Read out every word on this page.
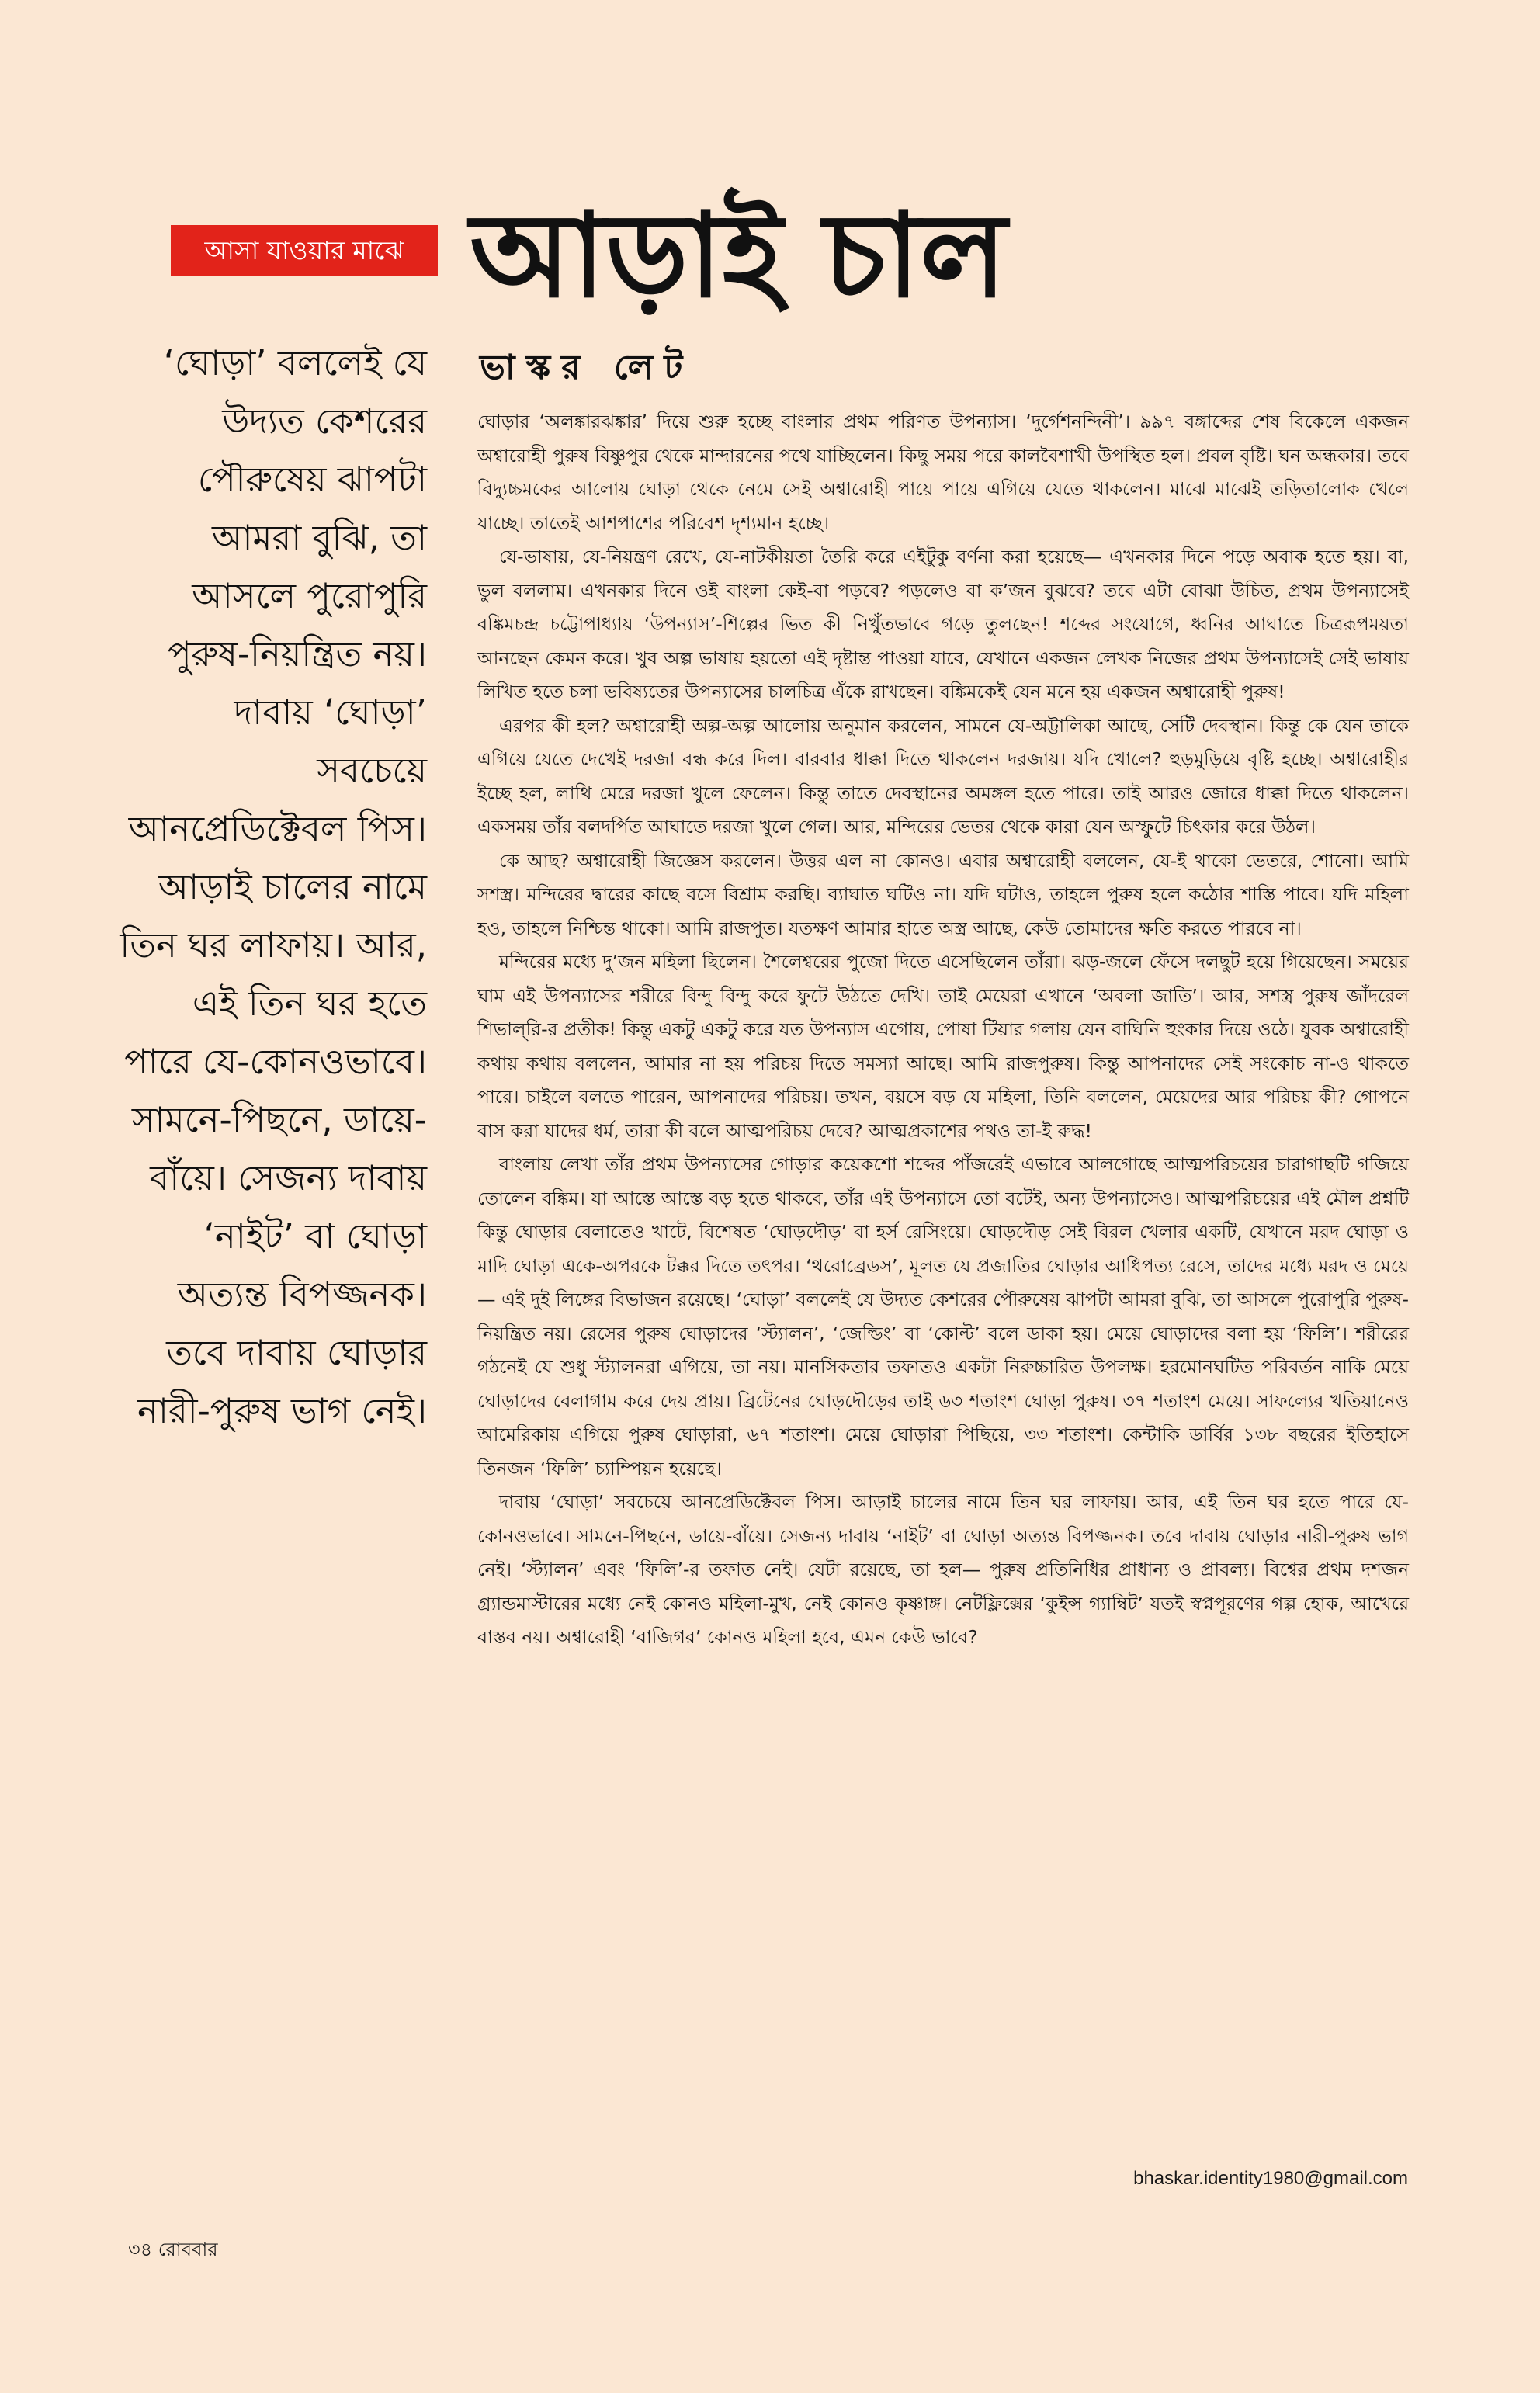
আসা যাওয়ার মাঝে আড়াই চাল
‘ঘোড়া’ বললেই যে উদ্যত কেশরের পৌরুষেয় ঝাপটা আমরা বুঝি, তা আসলে পুরোপুরি পুরুষ-নিয়ন্ত্রিত নয়। দাবায় ‘ঘোড়া’ সবচেয়ে আনপ্রেডিক্টেবল পিস। আড়াই চালের নামে তিন ঘর লাফায়। আর, এই তিন ঘর হতে পারে যে-কোনওভাবে। সামনে-পিছনে, ডায়ে-বাঁয়ে। সেজন্য দাবায় ‘নাইট’ বা ঘোড়া অত্যন্ত বিপজ্জনক। তবে দাবায় ঘোড়ার নারী-পুরুষ ভাগ নেই।
ভাস্কর লেট

ঘোড়ার ‘অলঙ্কারঝঙ্কার’ দিয়ে শুরু হচ্ছে বাংলার প্রথম পরিণত উপন্যাস। ‘দুর্গেশনন্দিনী’। ৯৯৭ বঙ্গাব্দের শেষ বিকেলে একজন অশ্বারোহী পুরুষ বিষ্ণুপুর থেকে মান্দারনের পথে যাচ্ছিলেন। কিছু সময় পরে কালবৈশাখী উপস্থিত হল। প্রবল বৃষ্টি। ঘন অন্ধকার। তবে বিদ্যুচ্চমকের আলোয় ঘোড়া থেকে নেমে সেই অশ্বারোহী পায়ে পায়ে এগিয়ে যেতে থাকলেন। মাঝে মাঝেই তড়িতালোক খেলে যাচ্ছে। তাতেই আশপাশের পরিবেশ দৃশ্যমান হচ্ছে।

যে-ভাষায়, যে-নিয়ন্ত্রণ রেখে, যে-নাটকীয়তা তৈরি করে এইটুকু বর্ণনা করা হয়েছে— এখনকার দিনে পড়ে অবাক হতে হয়। বা, ভুল বললাম। এখনকার দিনে ওই বাংলা কেই-বা পড়বে? পড়লেও বা ক’জন বুঝবে? তবে এটা বোঝা উচিত, প্রথম উপন্যাসেই বঙ্কিমচন্দ্র চট্টোপাধ্যায় ‘উপন্যাস’-শিল্পের ভিত কী নিখুঁতভাবে গড়ে তুলছেন! শব্দের সংযোগে, ধ্বনির আঘাতে চিত্ররূপময়তা আনছেন কেমন করে। খুব অল্প ভাষায় হয়তো এই দৃষ্টান্ত পাওয়া যাবে, যেখানে একজন লেখক নিজের প্রথম উপন্যাসেই সেই ভাষায় লিখিত হতে চলা ভবিষ্যতের উপন্যাসের চালচিত্র এঁকে রাখছেন। বঙ্কিমকেই যেন মনে হয় একজন অশ্বারোহী পুরুষ!

এরপর কী হল? অশ্বারোহী অল্প-অল্প আলোয় অনুমান করলেন, সামনে যে-অট্টালিকা আছে, সেটি দেবস্থান। কিন্তু কে যেন তাকে এগিয়ে যেতে দেখেই দরজা বন্ধ করে দিল। বারবার ধাক্কা দিতে থাকলেন দরজায়। যদি খোলে? হুড়মুড়িয়ে বৃষ্টি হচ্ছে। অশ্বারোহীর ইচ্ছে হল, লাথি মেরে দরজা খুলে ফেলেন। কিন্তু তাতে দেবস্থানের অমঙ্গল হতে পারে। তাই আরও জোরে ধাক্কা দিতে থাকলেন। একসময় তাঁর বলদর্পিত আঘাতে দরজা খুলে গেল। আর, মন্দিরের ভেতর থেকে কারা যেন অস্ফুটে চিৎকার করে উঠল।

কে আছ? অশ্বারোহী জিজ্ঞেস করলেন। উত্তর এল না কোনও। এবার অশ্বারোহী বললেন, যে-ই থাকো ভেতরে, শোনো। আমি সশস্ত্র। মন্দিরের দ্বারের কাছে বসে বিশ্রাম করছি। ব্যাঘাত ঘটিও না। যদি ঘটাও, তাহলে পুরুষ হলে কঠোর শাস্তি পাবে। যদি মহিলা হও, তাহলে নিশ্চিন্ত থাকো। আমি রাজপুত। যতক্ষণ আমার হাতে অস্ত্র আছে, কেউ তোমাদের ক্ষতি করতে পারবে না।

মন্দিরের মধ্যে দু’জন মহিলা ছিলেন। শৈলেশ্বরের পুজো দিতে এসেছিলেন তাঁরা। ঝড়-জলে ফেঁসে দলছুট হয়ে গিয়েছেন। সময়ের ঘাম এই উপন্যাসের শরীরে বিন্দু বিন্দু করে ফুটে উঠতে দেখি। তাই মেয়েরা এখানে ‘অবলা জাতি’। আর, সশস্ত্র পুরুষ জাঁদরেল শিভাল্‌রি-র প্রতীক! কিন্তু একটু একটু করে যত উপন্যাস এগোয়, পোষা টিয়ার গলায় যেন বাঘিনি হুংকার দিয়ে ওঠে। যুবক অশ্বারোহী কথায় কথায় বললেন, আমার না হয় পরিচয় দিতে সমস্যা আছে। আমি রাজপুরুষ। কিন্তু আপনাদের সেই সংকোচ না-ও থাকতে পারে। চাইলে বলতে পারেন, আপনাদের পরিচয়। তখন, বয়সে বড় যে মহিলা, তিনি বললেন, মেয়েদের আর পরিচয় কী? গোপনে বাস করা যাদের ধর্ম, তারা কী বলে আত্মপরিচয় দেবে? আত্মপ্রকাশের পথও তা-ই রুদ্ধ!

বাংলায় লেখা তাঁর প্রথম উপন্যাসের গোড়ার কয়েকশো শব্দের পাঁজরেই এভাবে আলগোছে আত্মপরিচয়ের চারাগাছটি গজিয়ে তোলেন বঙ্কিম। যা আস্তে আস্তে বড় হতে থাকবে, তাঁর এই উপন্যাসে তো বটেই, অন্য উপন্যাসেও। আত্মপরিচয়ের এই মৌল প্রশ্নটি কিন্তু ঘোড়ার বেলাতেও খাটে, বিশেষত ‘ঘোড়দৌড়’ বা হর্স রেসিংয়ে। ঘোড়দৌড় সেই বিরল খেলার একটি, যেখানে মরদ ঘোড়া ও মাদি ঘোড়া একে-অপরকে টক্কর দিতে তৎপর। ‘থরোব্রেডস’, মূলত যে প্রজাতির ঘোড়ার আধিপত্য রেসে, তাদের মধ্যে মরদ ও মেয়ে— এই দুই লিঙ্গের বিভাজন রয়েছে। ‘ঘোড়া’ বললেই যে উদ্যত কেশরের পৌরুষেয় ঝাপটা আমরা বুঝি, তা আসলে পুরোপুরি পুরুষ-নিয়ন্ত্রিত নয়। রেসের পুরুষ ঘোড়াদের ‘স্ট্যালন’, ‘জেল্ডিং’ বা ‘কোল্ট’ বলে ডাকা হয়। মেয়ে ঘোড়াদের বলা হয় ‘ফিলি’। শরীরের গঠনেই যে শুধু স্ট্যালনরা এগিয়ে, তা নয়। মানসিকতার তফাতও একটা নিরুচ্চারিত উপলক্ষ। হরমোনঘটিত পরিবর্তন নাকি মেয়ে ঘোড়াদের বেলাগাম করে দেয় প্রায়। ব্রিটেনের ঘোড়দৌড়ের তাই ৬৩ শতাংশ ঘোড়া পুরুষ। ৩৭ শতাংশ মেয়ে। সাফল্যের খতিয়ানেও আমেরিকায় এগিয়ে পুরুষ ঘোড়ারা, ৬৭ শতাংশ। মেয়ে ঘোড়ারা পিছিয়ে, ৩৩ শতাংশ। কেন্টাকি ডার্বির ১৩৮ বছরের ইতিহাসে তিনজন ‘ফিলি’ চ্যাম্পিয়ন হয়েছে।

দাবায় ‘ঘোড়া’ সবচেয়ে আনপ্রেডিক্টেবল পিস। আড়াই চালের নামে তিন ঘর লাফায়। আর, এই তিন ঘর হতে পারে যে-কোনওভাবে। সামনে-পিছনে, ডায়ে-বাঁয়ে। সেজন্য দাবায় ‘নাইট’ বা ঘোড়া অত্যন্ত বিপজ্জনক। তবে দাবায় ঘোড়ার নারী-পুরুষ ভাগ নেই। ‘স্ট্যালন’ এবং ‘ফিলি’-র তফাত নেই। যেটা রয়েছে, তা হল— পুরুষ প্রতিনিধির প্রাধান্য ও প্রাবল্য। বিশ্বের প্রথম দশজন গ্র্যান্ডমাস্টারের মধ্যে নেই কোনও মহিলা-মুখ, নেই কোনও কৃষ্ণাঙ্গ। নেটফ্লিক্সের ‘কুইন্স গ্যাম্বিট’ যতই স্বপ্নপূরণের গল্প হোক, আখেরে বাস্তব নয়। অশ্বারোহী ‘বাজিগর’ কোনও মহিলা হবে, এমন কেউ ভাবে?

bhaskar.identity1980@gmail.com
৩৪ রোববার
